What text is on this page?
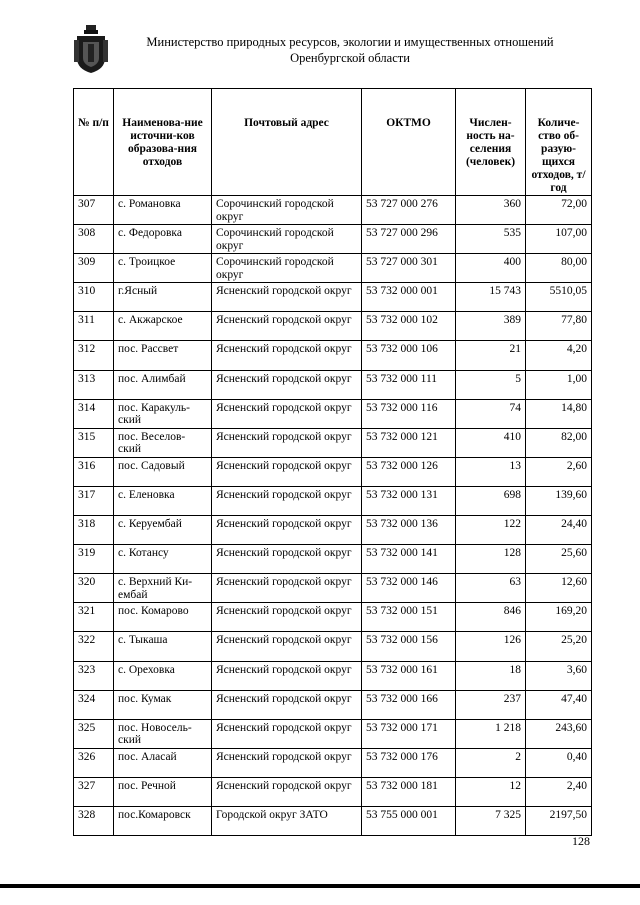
Министерство природных ресурсов, экологии и имущественных отношений
Оренбургской области
№ п/п	Наименова-ние источни-ков образова-ния отходов	Почтовый адрес	ОКТМО	Числен-ность на-селения (человек)	Количе-ство об-разую-щихся отходов, т/год
307	с. Романовка	Сорочинский городской округ	53 727 000 276	360	72,00
308	с. Федоровка	Сорочинский городской округ	53 727 000 296	535	107,00
309	с. Троицкое	Сорочинский городской округ	53 727 000 301	400	80,00
310	г.Ясный	Ясненский городской округ	53 732 000 001	15 743	5510,05
311	с. Акжарское	Ясненский городской округ	53 732 000 102	389	77,80
312	пос. Рассвет	Ясненский городской округ	53 732 000 106	21	4,20
313	пос. Алимбай	Ясненский городской округ	53 732 000 111	5	1,00
314	пос. Каракуль-ский	Ясненский городской округ	53 732 000 116	74	14,80
315	пос. Веселов-ский	Ясненский городской округ	53 732 000 121	410	82,00
316	пос. Садовый	Ясненский городской округ	53 732 000 126	13	2,60
317	с. Еленовка	Ясненский городской округ	53 732 000 131	698	139,60
318	с. Керуембай	Ясненский городской округ	53 732 000 136	122	24,40
319	с. Котансу	Ясненский городской округ	53 732 000 141	128	25,60
320	с. Верхний Ки-ембай	Ясненский городской округ	53 732 000 146	63	12,60
321	пос. Комарово	Ясненский городской округ	53 732 000 151	846	169,20
322	с. Тыкаша	Ясненский городской округ	53 732 000 156	126	25,20
323	с. Ореховка	Ясненский городской округ	53 732 000 161	18	3,60
324	пос. Кумак	Ясненский городской округ	53 732 000 166	237	47,40
325	пос. Новосель-ский	Ясненский городской округ	53 732 000 171	1 218	243,60
326	пос. Аласай	Ясненский городской округ	53 732 000 176	2	0,40
327	пос. Речной	Ясненский городской округ	53 732 000 181	12	2,40
328	пос.Комаровск	Городской округ ЗАТО	53 755 000 001	7 325	2197,50
128
